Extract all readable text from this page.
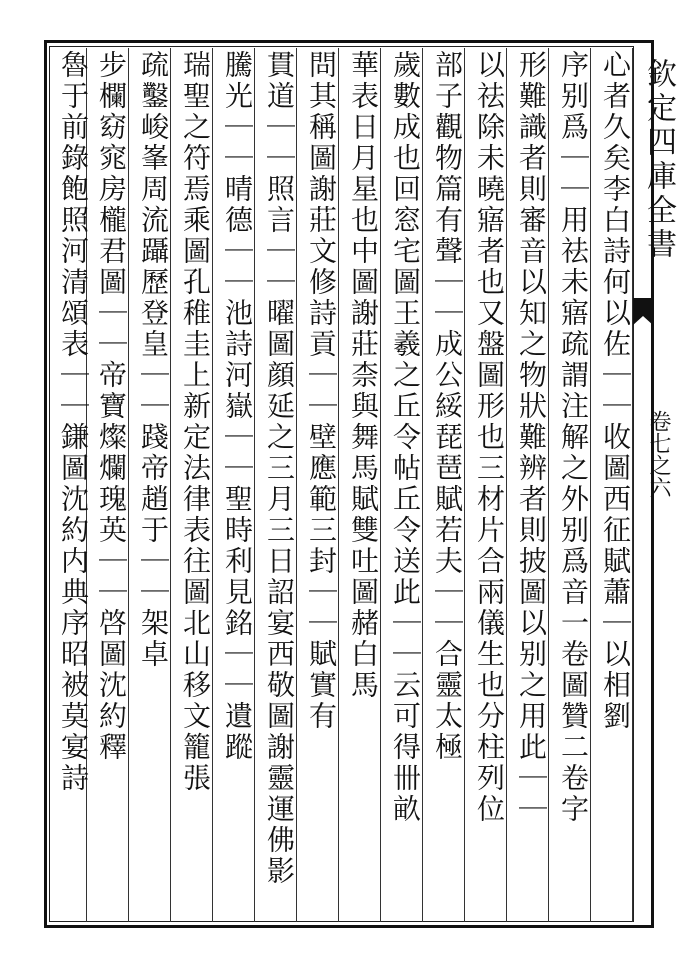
欽定四庫全書
卷七之六
心者久矣李白詩何以佐｜｜收圖西征賦蕭｜以相劉
序别爲｜｜用祛未寤疏謂注解之外别爲音一卷圖贊二卷字
形難識者則審音以知之物狀難辨者則披圖以别之用此｜｜
以祛除未曉寤者也又盤圖形也三材片合兩儀生也分柱列位
部子觀物篇有聲｜｜成公綏琵琶賦若夫｜｜合靈太極
歲數成也回窓宅圖王羲之丘令帖丘令送此｜｜云可得卌畝
華表日月星也中圖謝莊柰與舞馬賦雙吐圖赭白馬
問其稱圖謝莊文修詩貢｜｜壁應範三封｜｜賦實有
貫道｜｜照言｜｜曜圖顔延之三月三日詔宴西敬圖謝靈運佛影
騰光｜｜晴德｜｜池詩河嶽｜｜聖時利見銘｜｜遺蹤
瑞聖之符焉乘圖孔稚圭上新定法律表往圖北山移文籠張
疏鑿峻峯周流躡歷登皇｜｜踐帝趙于｜｜架卓
步欄窈窕房櫳君圖｜｜帝寶燦爛瑰英｜｜啓圖沈約釋
魯于前錄飽照河清頌表｜｜鎌圖沈約内典序昭被莫宴詩
